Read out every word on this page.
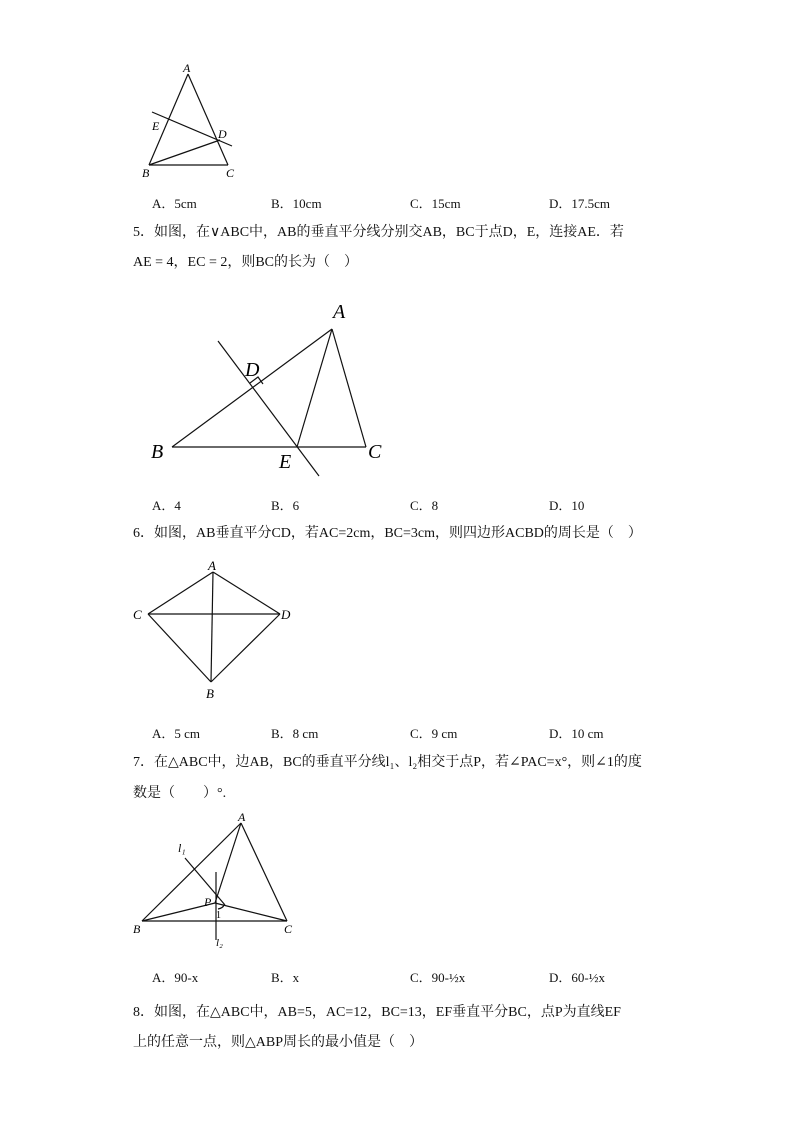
A
E
D
B	C
A．5cm	B．10cm	C．15cm	D．17.5cm
5．如图，在∨ABC中，AB的垂直平分线分别交AB，BC于点D，E，连接AE．若
AE = 4，EC = 2，则BC的长为（　）
A
D
B	E	C
A．4	B．6	C．8	D．10
6．如图，AB垂直平分CD，若AC=2cm，BC=3cm，则四边形ACBD的周长是（　）
A
C	D
B
A．5 cm	B．8 cm	C．9 cm	D．10 cm
7．在△ABC中，边AB，BC的垂直平分线l₁、l₂相交于点P，若∠PAC=x°，则∠1的度
数是（　　）°.
A
l₁
P
1
B	C
l₂
A．90-x	B．x	C．90-½x	D．60-½x
8．如图，在△ABC中，AB=5，AC=12，BC=13，EF垂直平分BC，点P为直线EF
上的任意一点，则△ABP周长的最小值是（　）
